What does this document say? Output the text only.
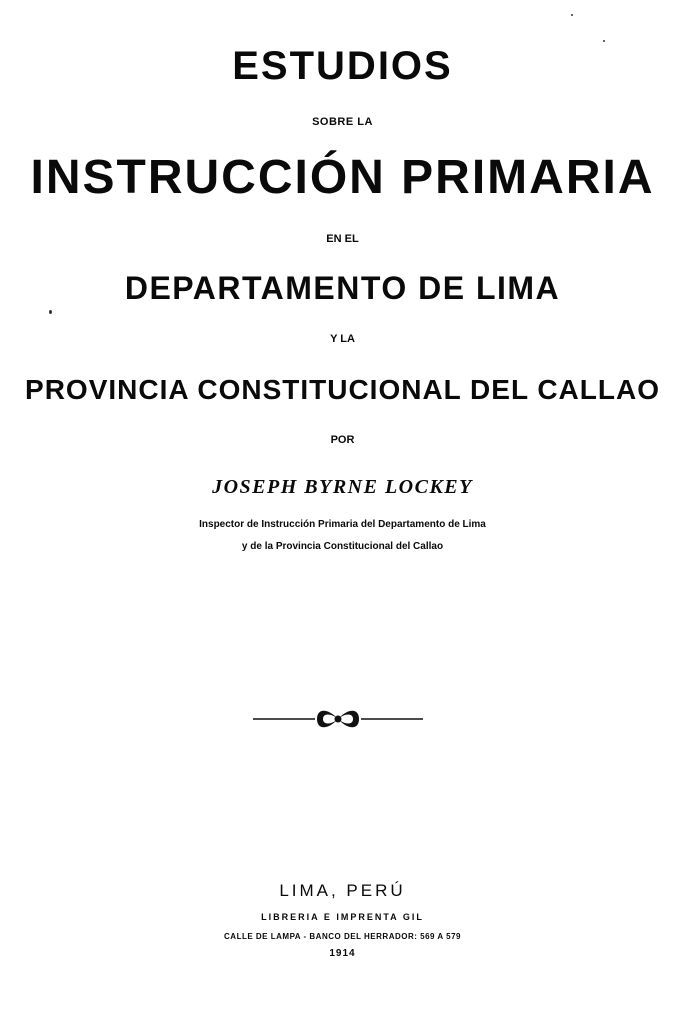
ESTUDIOS
SOBRE LA
INSTRUCCIÓN PRIMARIA
EN EL
DEPARTAMENTO DE LIMA
Y LA
PROVINCIA CONSTITUCIONAL DEL CALLAO
POR
JOSEPH BYRNE LOCKEY
Inspector de Instrucción Primaria del Departamento de Lima
y de la Provincia Constitucional del Callao
LIMA, PERÚ
LIBRERIA E IMPRENTA GIL
CALLE DE LAMPA - BANCO DEL HERRADOR: 569 A 579
1914
